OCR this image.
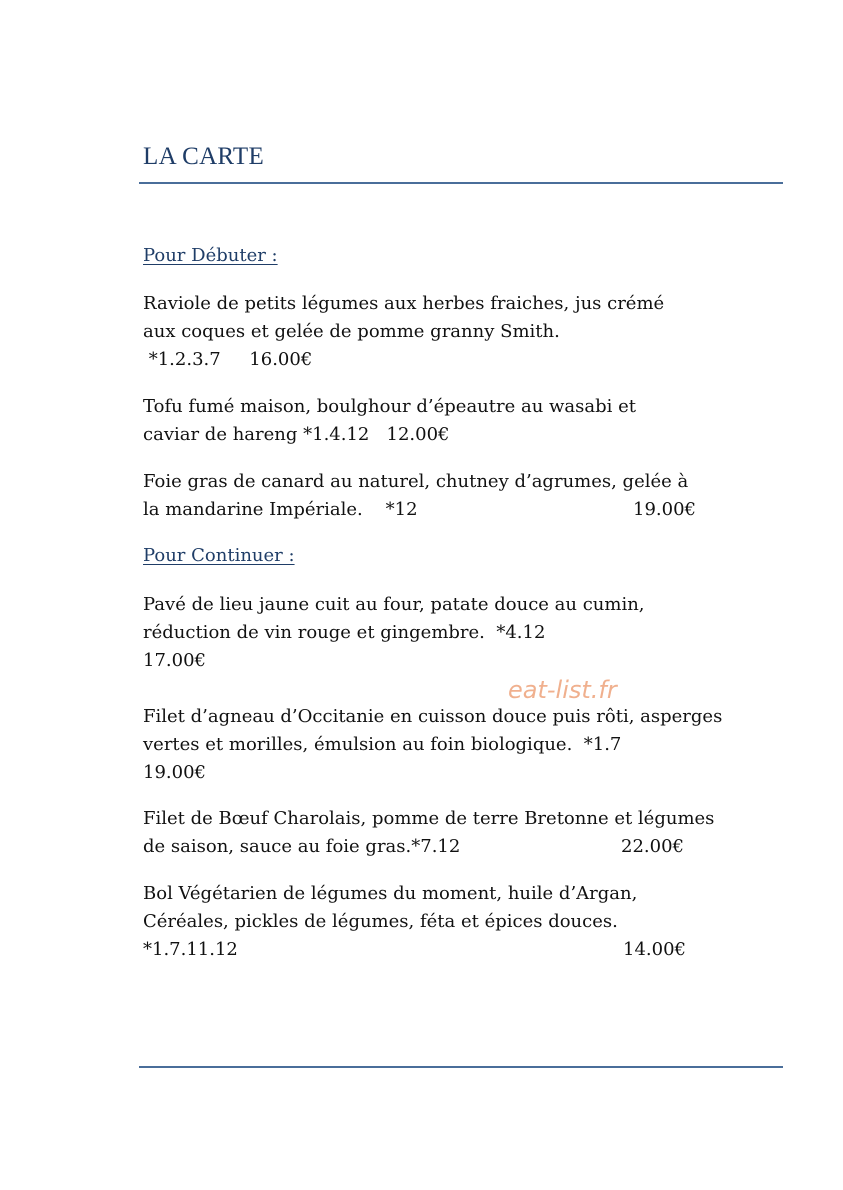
LA CARTE
Pour Débuter :

Raviole de petits légumes aux herbes fraiches, jus crémé

aux coques et gelée de pomme granny Smith.

*1.2.3.7     16.00€

Tofu fumé maison, boulghour d’épeautre au wasabi et

caviar de hareng *1.4.12   12.00€

Foie gras de canard au naturel, chutney d’agrumes, gelée à

la mandarine Impériale.    *12	19.00€
Pour Continuer :

Pavé de lieu jaune cuit au four, patate douce au cumin,

réduction de vin rouge et gingembre.  *4.12

17.00€

eat-list.fr

Filet d’agneau d’Occitanie en cuisson douce puis rôti, asperges

vertes et morilles, émulsion au foin biologique.  *1.7

19.00€

Filet de Bœuf Charolais, pomme de terre Bretonne et légumes

de saison, sauce au foie gras.*7.12	22.00€

Bol Végétarien de légumes du moment, huile d’Argan,

Céréales, pickles de légumes, féta et épices douces.

*1.7.11.12	14.00€
